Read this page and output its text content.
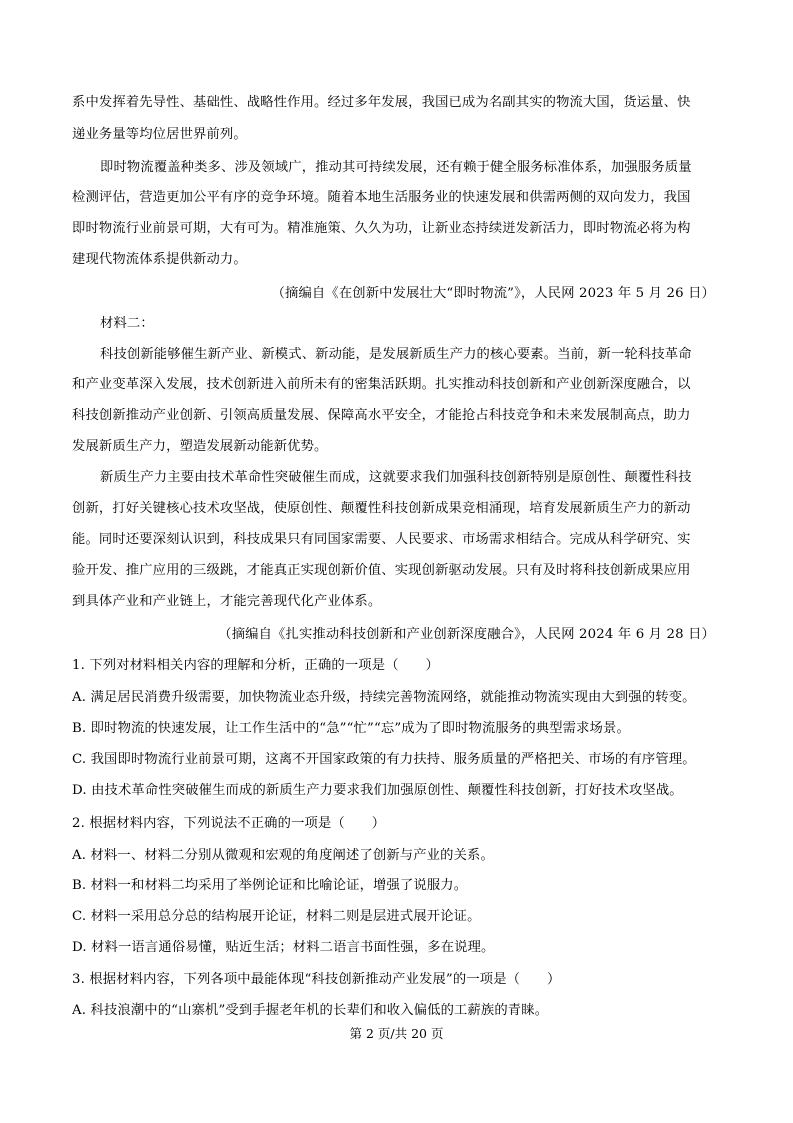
系中发挥着先导性、基础性、战略性作用。经过多年发展，我国已成为名副其实的物流大国，货运量、快
递业务量等均位居世界前列。
即时物流覆盖种类多、涉及领域广，推动其可持续发展，还有赖于健全服务标准体系，加强服务质量
检测评估，营造更加公平有序的竞争环境。随着本地生活服务业的快速发展和供需两侧的双向发力，我国
即时物流行业前景可期，大有可为。精准施策、久久为功，让新业态持续迸发新活力，即时物流必将为构
建现代物流体系提供新动力。
（摘编自《在创新中发展壮大“即时物流”》，人民网 2023 年 5 月 26 日）
材料二：
科技创新能够催生新产业、新模式、新动能，是发展新质生产力的核心要素。当前，新一轮科技革命
和产业变革深入发展，技术创新进入前所未有的密集活跃期。扎实推动科技创新和产业创新深度融合，以
科技创新推动产业创新、引领高质量发展、保障高水平安全，才能抢占科技竞争和未来发展制高点，助力
发展新质生产力，塑造发展新动能新优势。
新质生产力主要由技术革命性突破催生而成，这就要求我们加强科技创新特别是原创性、颠覆性科技
创新，打好关键核心技术攻坚战，使原创性、颠覆性科技创新成果竞相涌现，培育发展新质生产力的新动
能。同时还要深刻认识到，科技成果只有同国家需要、人民要求、市场需求相结合。完成从科学研究、实
验开发、推广应用的三级跳，才能真正实现创新价值、实现创新驱动发展。只有及时将科技创新成果应用
到具体产业和产业链上，才能完善现代化产业体系。
（摘编自《扎实推动科技创新和产业创新深度融合》，人民网 2024 年 6 月 28 日）
1. 下列对材料相关内容的理解和分析，正确的一项是（　　）
A. 满足居民消费升级需要，加快物流业态升级，持续完善物流网络，就能推动物流实现由大到强的转变。
B. 即时物流的快速发展，让工作生活中的“急”“忙”“忘”成为了即时物流服务的典型需求场景。
C. 我国即时物流行业前景可期，这离不开国家政策的有力扶持、服务质量的严格把关、市场的有序管理。
D. 由技术革命性突破催生而成的新质生产力要求我们加强原创性、颠覆性科技创新，打好技术攻坚战。
2. 根据材料内容，下列说法不正确的一项是（　　）
A. 材料一、材料二分别从微观和宏观的角度阐述了创新与产业的关系。
B. 材料一和材料二均采用了举例论证和比喻论证，增强了说服力。
C. 材料一采用总分总的结构展开论证，材料二则是层进式展开论证。
D. 材料一语言通俗易懂，贴近生活；材料二语言书面性强，多在说理。
3. 根据材料内容，下列各项中最能体现“科技创新推动产业发展”的一项是（　　）
A. 科技浪潮中的“山寨机”受到手握老年机的长辈们和收入偏低的工薪族的青睐。
第 2 页/共 20 页
